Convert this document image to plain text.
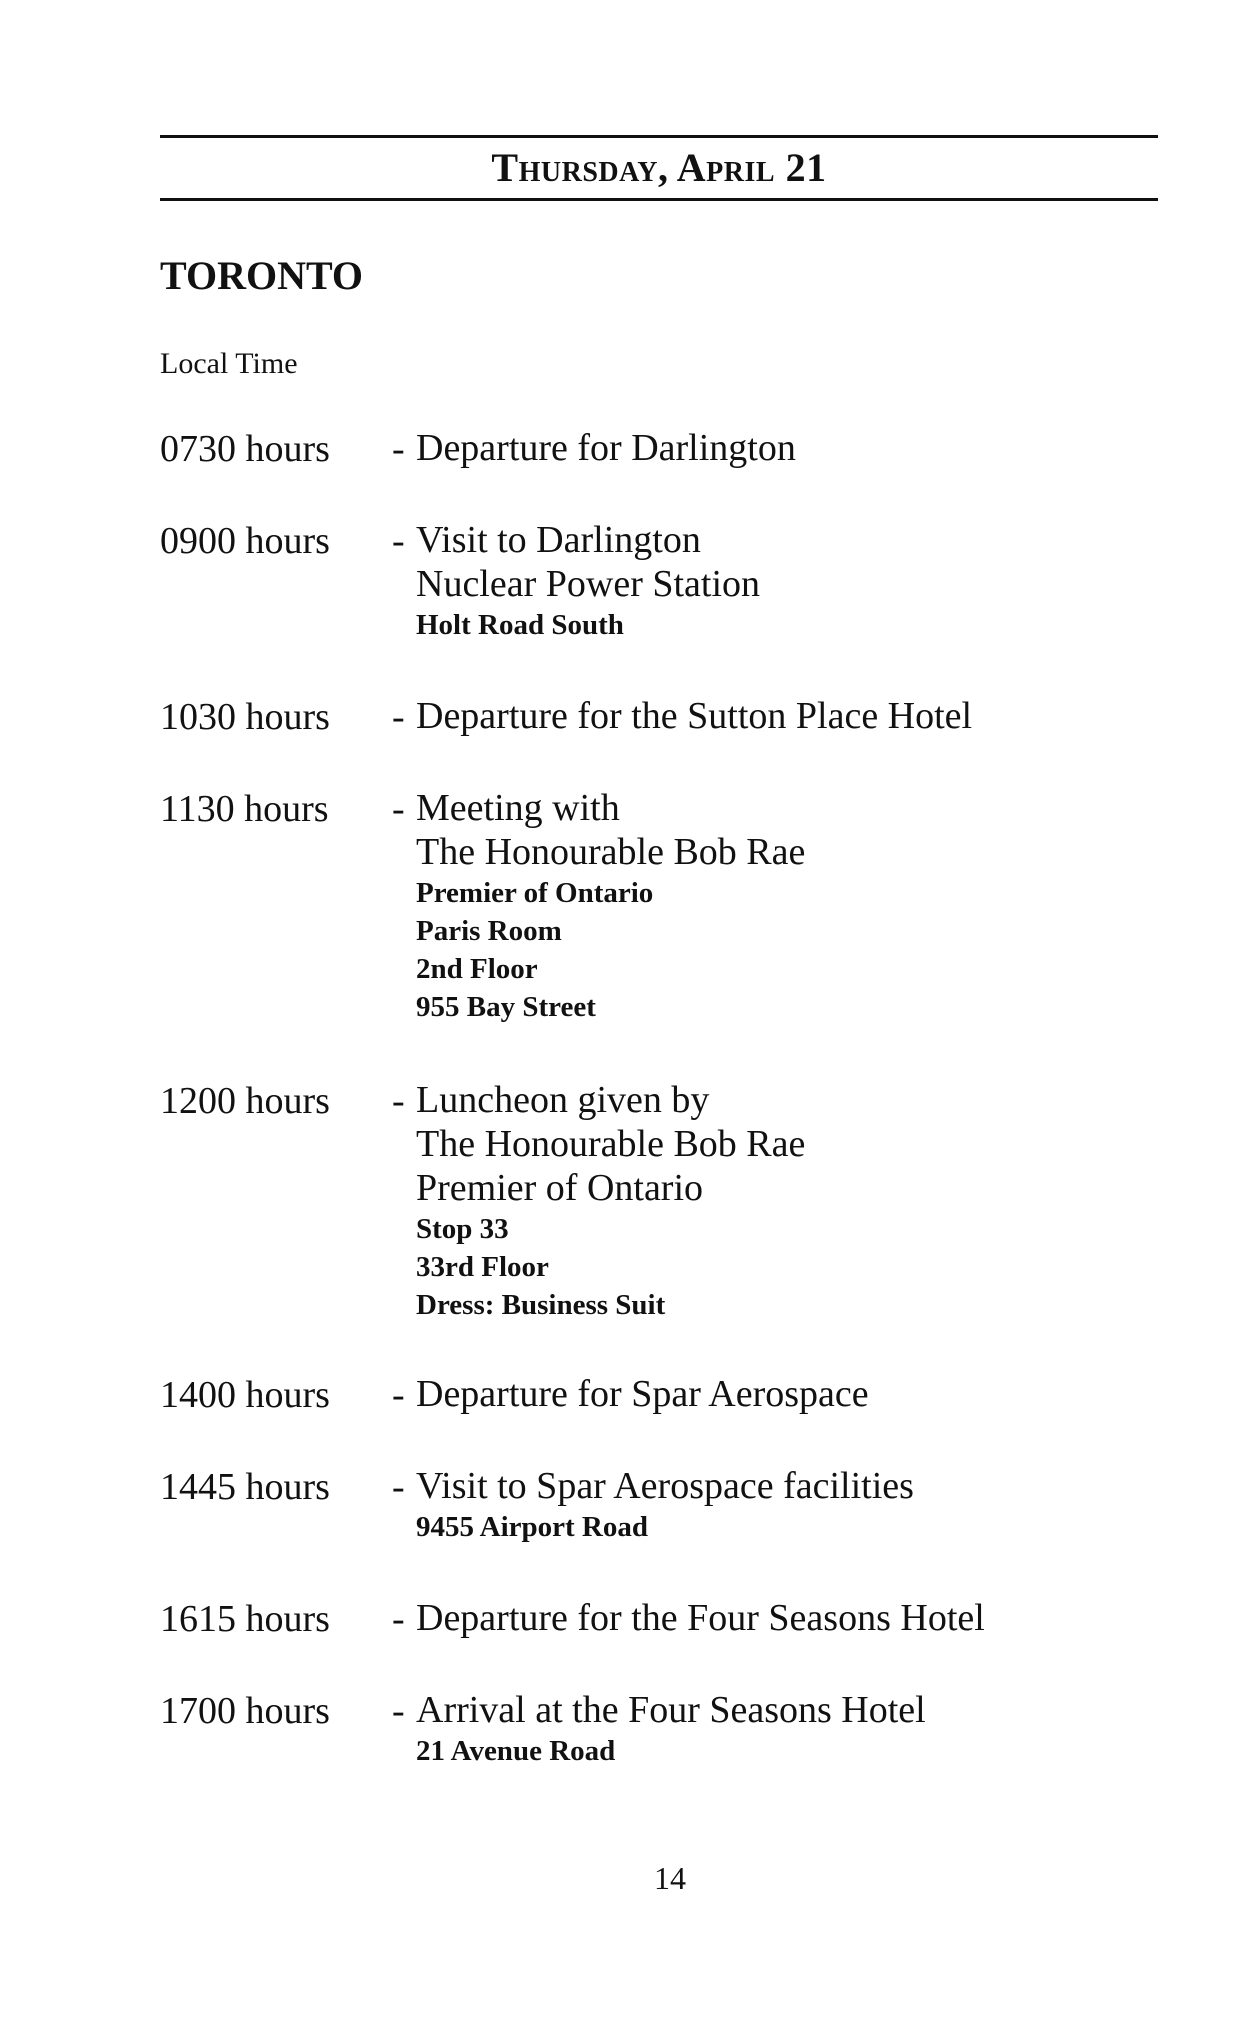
Thursday, April 21
TORONTO
Local Time
0730 hours - Departure for Darlington
0900 hours - Visit to Darlington
Nuclear Power Station
Holt Road South
1030 hours - Departure for the Sutton Place Hotel
1130 hours - Meeting with
The Honourable Bob Rae
Premier of Ontario
Paris Room
2nd Floor
955 Bay Street
1200 hours - Luncheon given by
The Honourable Bob Rae
Premier of Ontario
Stop 33
33rd Floor
Dress: Business Suit
1400 hours - Departure for Spar Aerospace
1445 hours - Visit to Spar Aerospace facilities
9455 Airport Road
1615 hours - Departure for the Four Seasons Hotel
1700 hours - Arrival at the Four Seasons Hotel
21 Avenue Road
14
